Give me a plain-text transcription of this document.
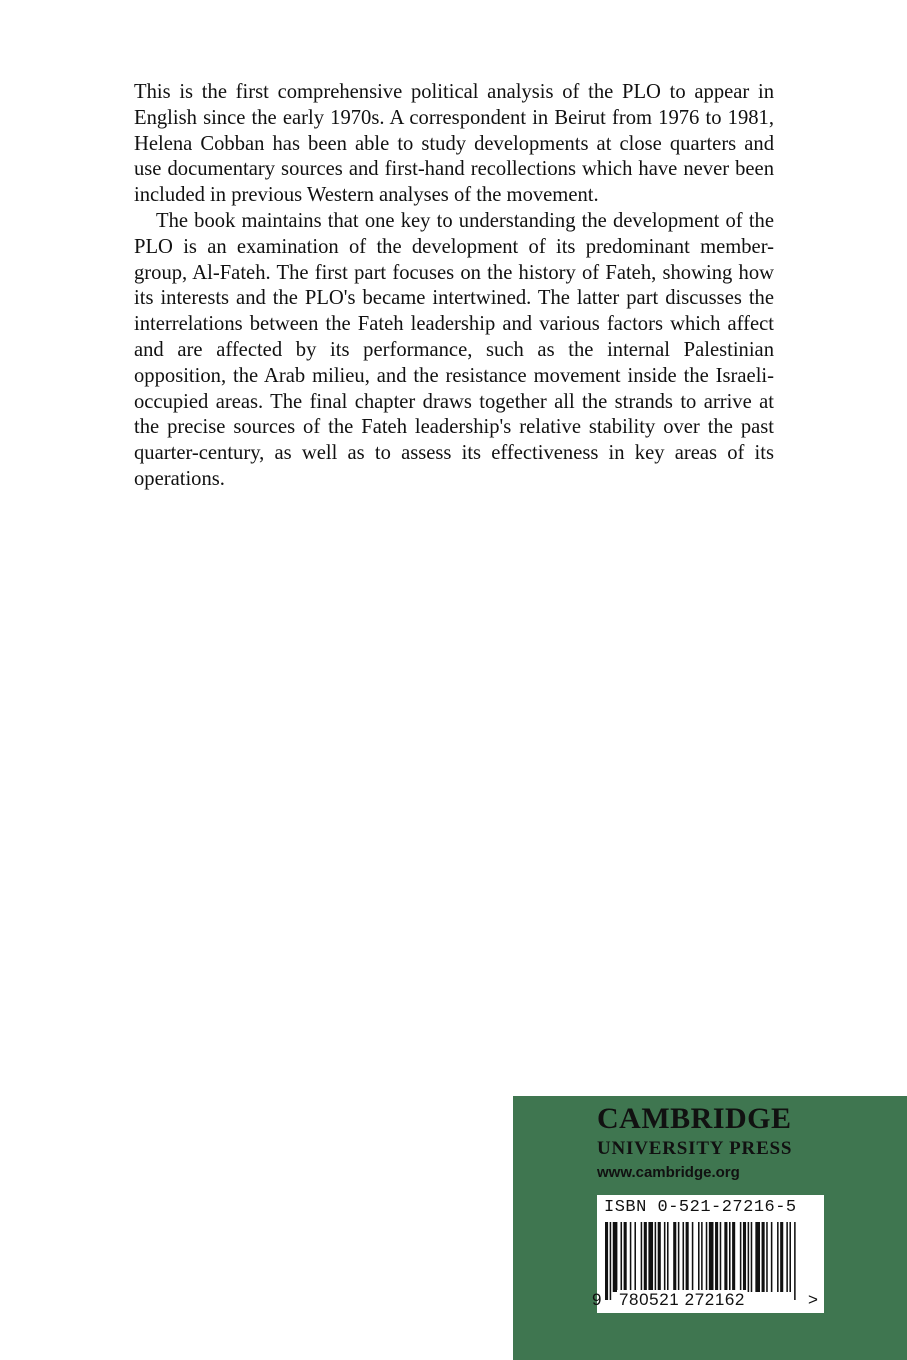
This is the first comprehensive political analysis of the PLO to appear in English since the early 1970s. A correspondent in Beirut from 1976 to 1981, Helena Cobban has been able to study developments at close quarters and use documentary sources and first-hand recollections which have never been included in previous Western analyses of the movement.

The book maintains that one key to understanding the development of the PLO is an examination of the development of its predominant member-group, Al-Fateh. The first part focuses on the history of Fateh, showing how its interests and the PLO's became intertwined. The latter part discusses the interrelations between the Fateh leadership and various factors which affect and are affected by its performance, such as the internal Palestinian opposition, the Arab milieu, and the resistance movement inside the Israeli-occupied areas. The final chapter draws together all the strands to arrive at the precise sources of the Fateh leadership's relative stability over the past quarter-century, as well as to assess its effectiveness in key areas of its operations.

CAMBRIDGE
UNIVERSITY PRESS
www.cambridge.org
ISBN 0-521-27216-5
9 780521 272162	>
